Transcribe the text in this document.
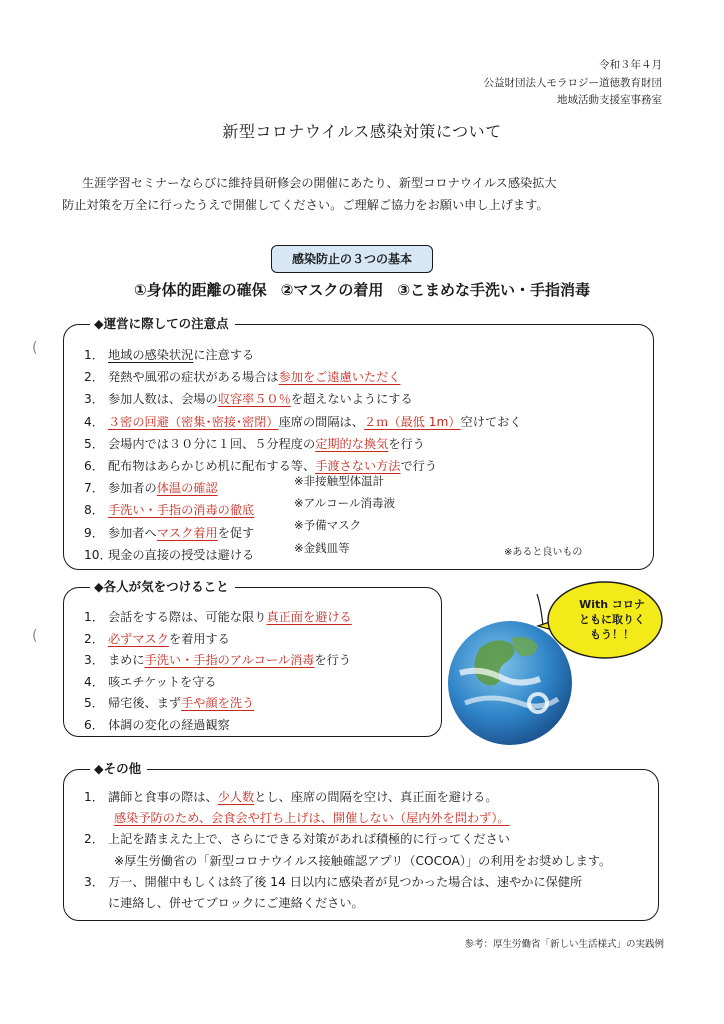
令和３年４月
公益財団法人モラロジー道徳教育財団
地域活動支援室事務室
新型コロナウイルス感染対策について
生涯学習セミナーならびに維持員研修会の開催にあたり、新型コロナウイルス感染拡大
防止対策を万全に行ったうえで開催してください。ご理解ご協力をお願い申し上げます。
感染防止の３つの基本
①身体的距離の確保 ②マスクの着用 ③こまめな手洗い・手指消毒
◆運営に際しての注意点
1． 地域の感染状況に注意する
2． 発熱や風邪の症状がある場合は参加をご遠慮いただく
3． 参加人数は、会場の収容率５０％を超えないようにする
4． ３密の回避（密集･密接･密閉）座席の間隔は、２ｍ（最低 1m）空けておく
5． 会場内では３０分に１回、５分程度の定期的な換気を行う
6． 配布物はあらかじめ机に配布する等、手渡さない方法で行う
7． 参加者の体温の確認
8． 手洗い・手指の消毒の徹底
9． 参加者へマスク着用を促す
10．現金の直接の授受は避ける
※非接触型体温計
※アルコール消毒液
※予備マスク
※金銭皿等	※あると良いもの
◆各人が気をつけること
1． 会話をする際は、可能な限り真正面を避ける
2． 必ずマスクを着用する
3． まめに手洗い・手指のアルコール消毒を行う
4． 咳エチケットを守る
5． 帰宅後、まず手や顔を洗う
6． 体調の変化の経過観察
With コロナ
ともに取りく
もう！！
◆その他
1． 講師と食事の際は、少人数とし、座席の間隔を空け、真正面を避ける。
感染予防のため、会食会や打ち上げは、開催しない（屋内外を問わず）。
2． 上記を踏まえた上で、さらにできる対策があれば積極的に行ってください
※厚生労働省の「新型コロナウイルス接触確認アプリ（COCOA）」の利用をお奨めします。
3． 万一、開催中もしくは終了後 14 日以内に感染者が見つかった場合は、速やかに保健所
に連絡し、併せてブロックにご連絡ください。
参考：厚生労働省「新しい生活様式」の実践例
(
(
